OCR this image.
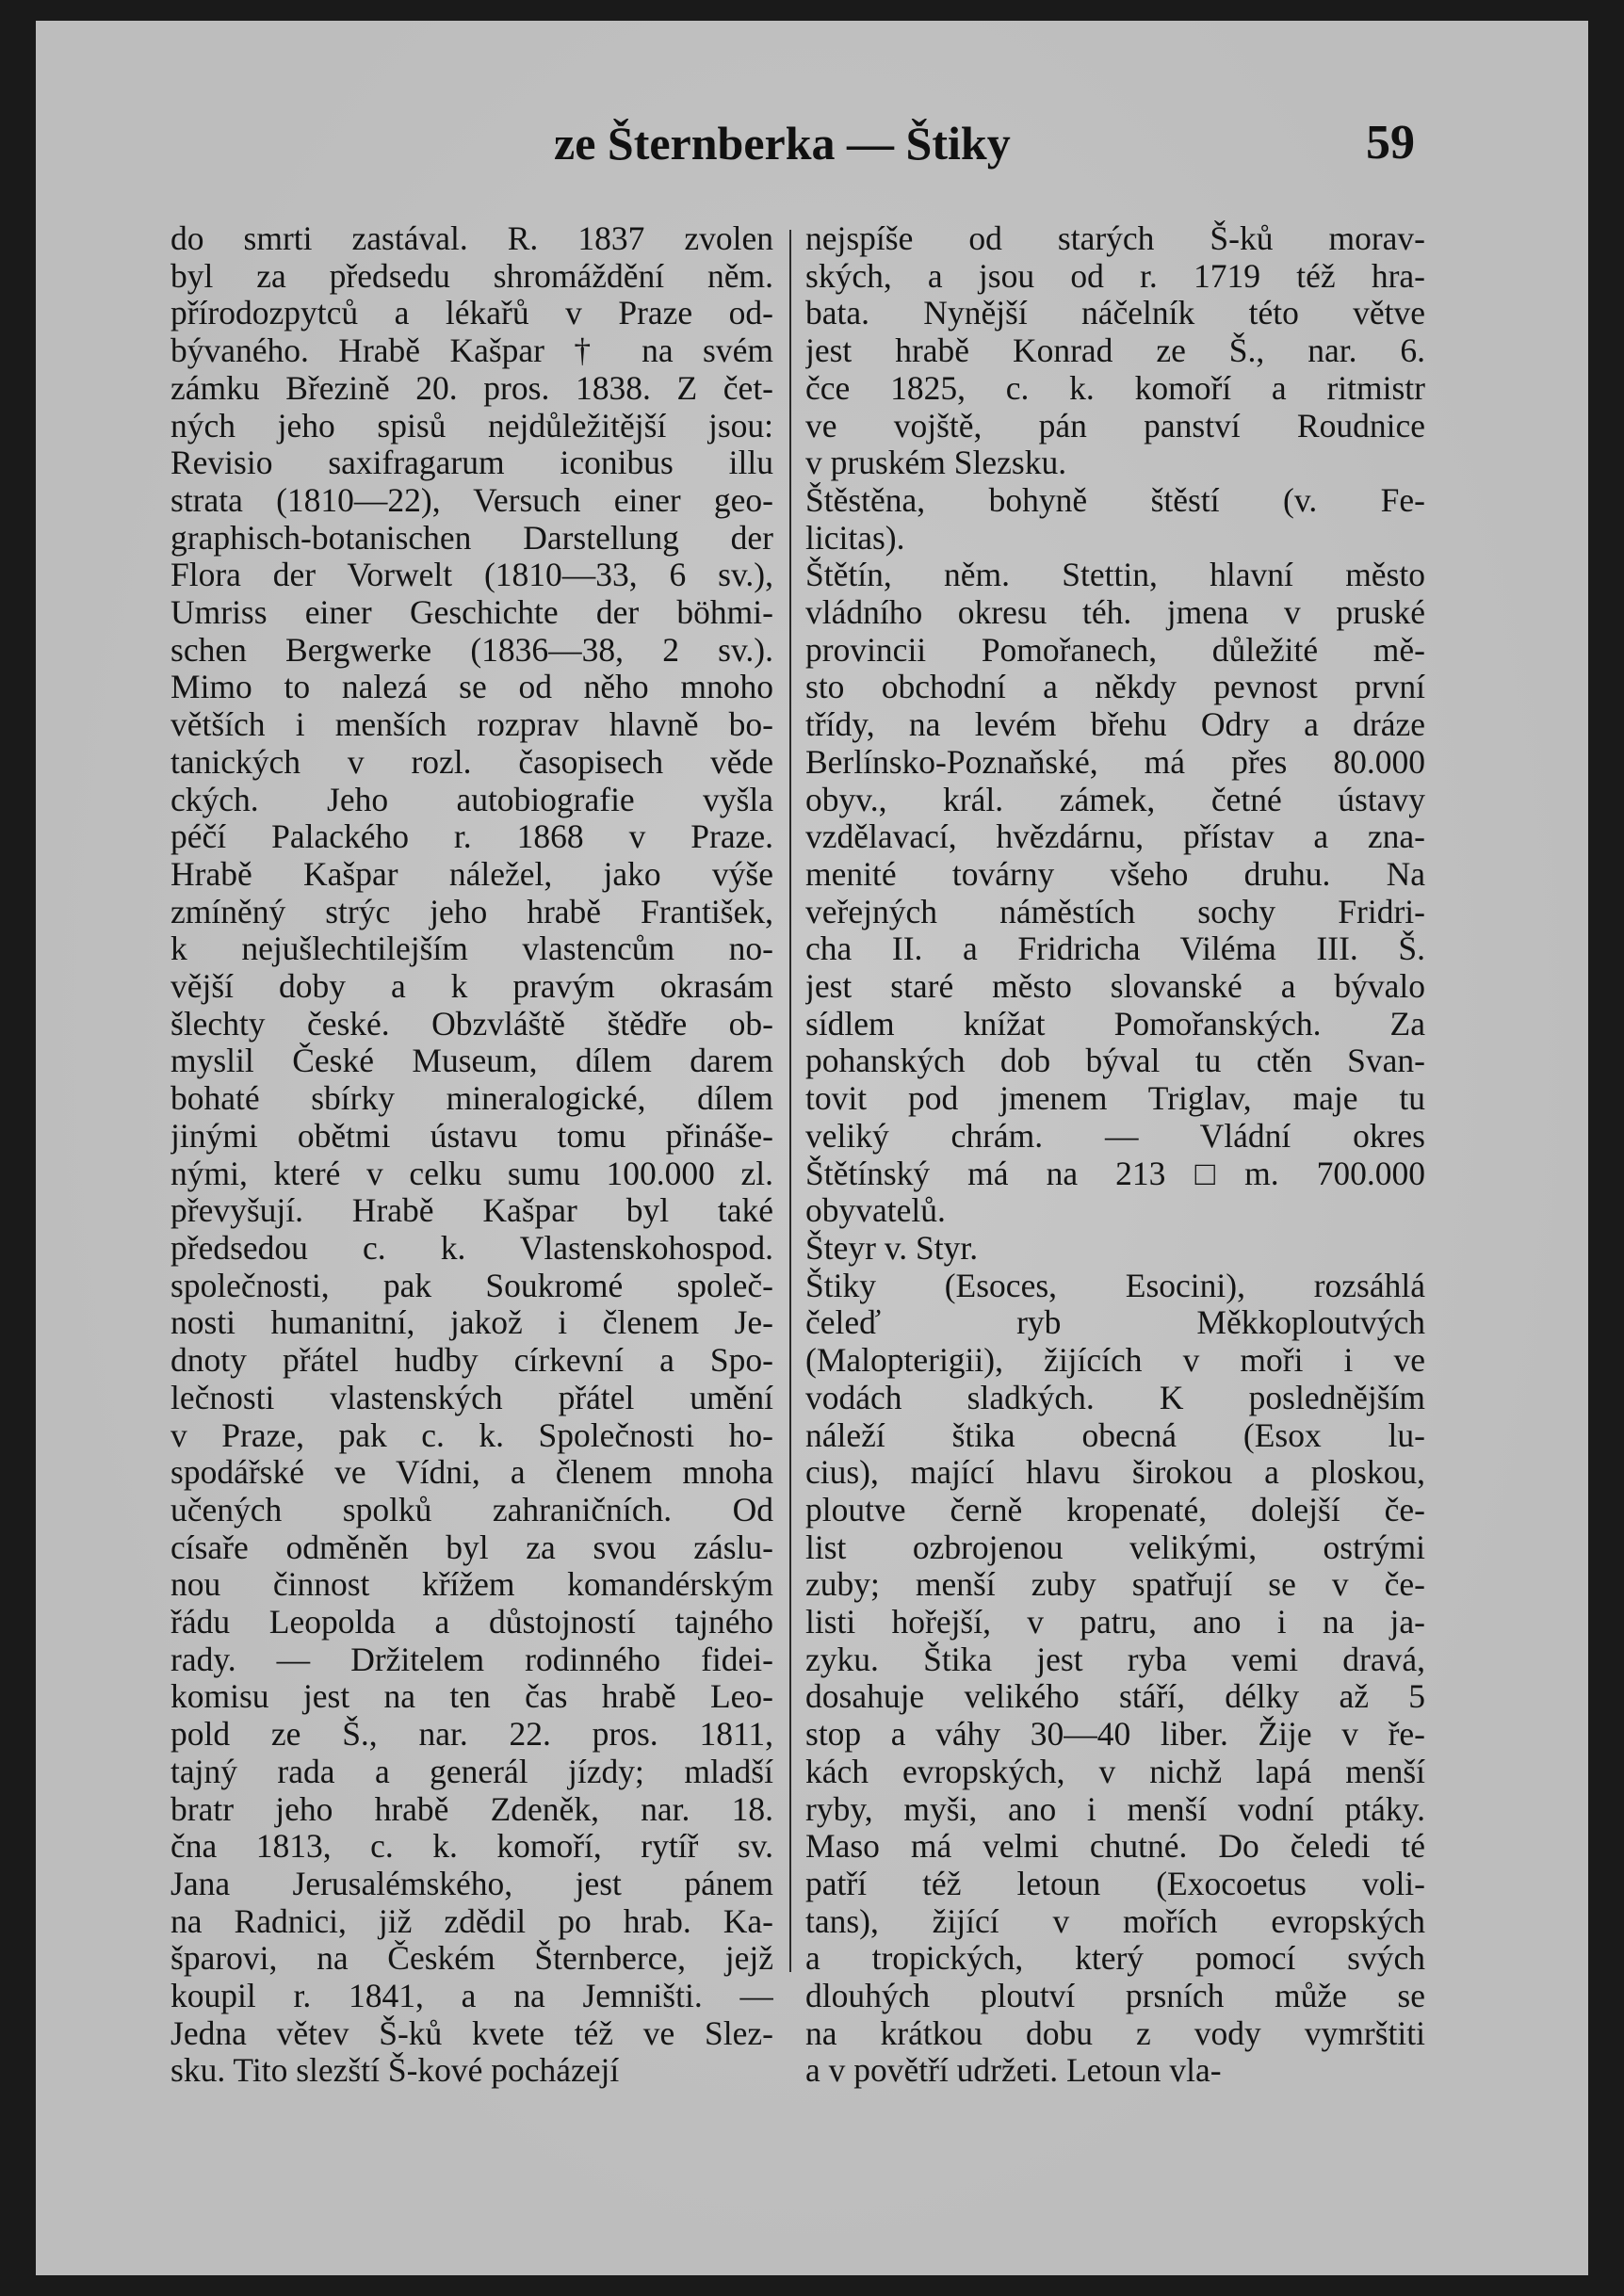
ze Šternberka — Štiky	59
do smrti zastával. R. 1837 zvolen
byl za předsedu shromáždění něm.
přírodozpytců a lékařů v Praze od-
bývaného. Hrabě Kašpar † na svém
zámku Březině 20. pros. 1838. Z čet-
ných jeho spisů nejdůležitější jsou:
Revisio saxifragarum iconibus illu
strata (1810—22), Versuch einer geo-
graphisch-botanischen Darstellung der
Flora der Vorwelt (1810—33, 6 sv.),
Umriss einer Geschichte der böhmi-
schen Bergwerke (1836—38, 2 sv.).
Mimo to nalezá se od něho mnoho
větších i menších rozprav hlavně bo-
tanických v rozl. časopisech věde
ckých. Jeho autobiografie vyšla
péčí Palackého r. 1868 v Praze.
Hrabě Kašpar náležel, jako výše
zmíněný strýc jeho hrabě František,
k nejušlechtilejším vlastencům no-
vější doby a k pravým okrasám
šlechty české. Obzvláště štědře ob-
myslil České Museum, dílem darem
bohaté sbírky mineralogické, dílem
jinými obětmi ústavu tomu přináše-
nými, které v celku sumu 100.000 zl.
převyšují. Hrabě Kašpar byl také
předsedou c. k. Vlastenskohospod.
společnosti, pak Soukromé společ-
nosti humanitní, jakož i členem Je-
dnoty přátel hudby církevní a Spo-
lečnosti vlastenských přátel umění
v Praze, pak c. k. Společnosti ho-
spodářské ve Vídni, a členem mnoha
učených spolků zahraničních. Od
císaře odměněn byl za svou záslu-
nou činnost křížem komandérským
řádu Leopolda a důstojností tajného
rady. — Držitelem rodinného fidei-
komisu jest na ten čas hrabě Leo-
pold ze Š., nar. 22. pros. 1811,
tajný rada a generál jízdy; mladší
bratr jeho hrabě Zdeněk, nar. 18.
čna 1813, c. k. komoří, rytíř sv.
Jana Jerusalémského, jest pánem
na Radnici, již zdědil po hrab. Ka-
šparovi, na Českém Šternberce, jejž
koupil r. 1841, a na Jemništi. —
Jedna větev Š-ků kvete též ve Slez-
sku. Tito slezští Š-kové pocházejí
nejspíše od starých Š-ků morav-
ských, a jsou od r. 1719 též hra-
bata. Nynější náčelník této větve
jest hrabě Konrad ze Š., nar. 6.
čce 1825, c. k. komoří a ritmistr
ve vojště, pán panství Roudnice
v pruském Slezsku.
Štěstěna, bohyně štěstí (v. Fe-
licitas).
Štětín, něm. Stettin, hlavní město
vládního okresu téh. jmena v pruské
provincii Pomořanech, důležité mě-
sto obchodní a někdy pevnost první
třídy, na levém břehu Odry a dráze
Berlínsko-Poznaňské, má přes 80.000
obyv., král. zámek, četné ústavy
vzdělavací, hvězdárnu, přístav a zna-
menité továrny všeho druhu. Na
veřejných náměstích sochy Fridri-
cha II. a Fridricha Viléma III. Š.
jest staré město slovanské a bývalo
sídlem knížat Pomořanských. Za
pohanských dob býval tu ctěn Svan-
tovit pod jmenem Triglav, maje tu
veliký chrám. — Vládní okres
Štětínský má na 213□m. 700.000
obyvatelů.
Šteyr v. Styr.
Štiky (Esoces, Esocini), rozsáhlá
čeleď ryb Měkkoploutvých
(Malopterigii), žijících v moři i ve
vodách sladkých. K poslednějším
náleží štika obecná (Esox lu-
cius), mající hlavu širokou a ploskou,
ploutve černě kropenaté, dolejší če-
list ozbrojenou velikými, ostrými
zuby; menší zuby spatřují se v če-
listi hořejší, v patru, ano i na ja-
zyku. Štika jest ryba vemi dravá,
dosahuje velikého stáří, délky až 5
stop a váhy 30—40 liber. Žije v ře-
kách evropských, v nichž lapá menší
ryby, myši, ano i menší vodní ptáky.
Maso má velmi chutné. Do čeledi té
patří též letoun (Exocoetus voli-
tans), žijící v mořích evropských
a tropických, který pomocí svých
dlouhých ploutví prsních může se
na krátkou dobu z vody vymrštiti
a v povětří udržeti. Letoun vla-
